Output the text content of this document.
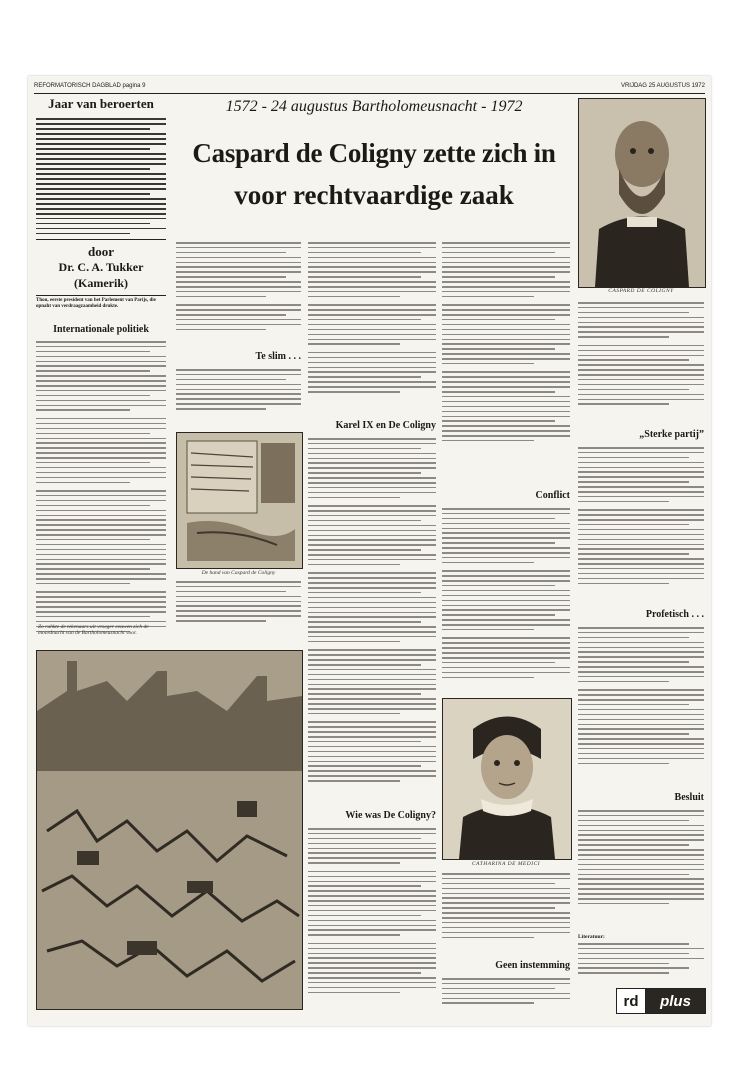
REFORMATORISCH DAGBLAD pagina 9	VRIJDAG 25 AUGUSTUS 1972
Jaar van beroerten
door
Dr. C. A. Tukker
(Kamerik)
Thou, eerste president van het Parlement van Parijs, die opnaht van verdraagzaamheid drukte.
Internationale politiek
Zo ruhkte de tekenaars uit vroeger eeuwen zich de moordnacht van de Bartholomeusnacht voor.
1572 - 24 augustus Bartholomeusnacht - 1972
Caspard de Coligny zette zich in
voor rechtvaardige zaak
CASPARD DE COLIGNY
Te slim . . .
De hand van Caspard de Coligny
Karel IX en De Coligny
Wie was De Coligny?
Conflict
CATHARINA DE MEDICI
Geen instemming
„Sterke partij”
Profetisch . . .
Besluit
Literatuur:
rd	plus
